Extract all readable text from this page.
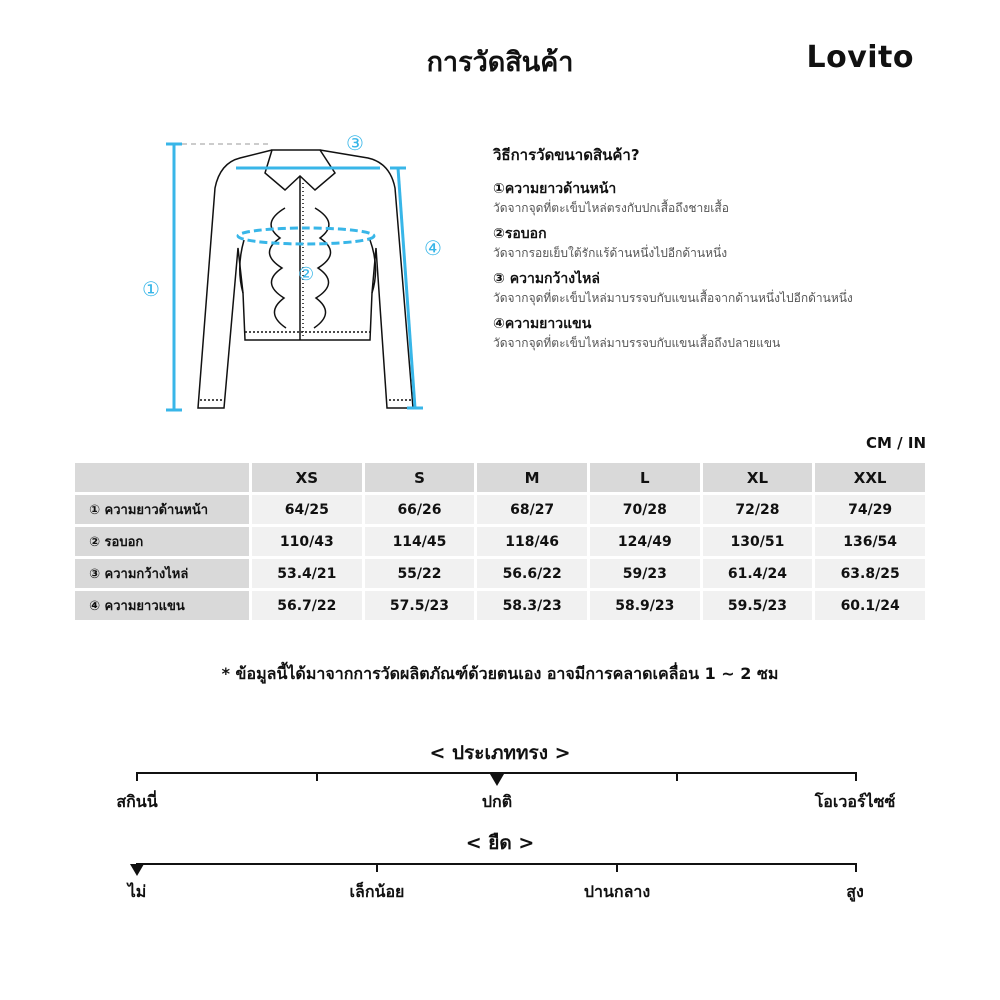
การวัดสินค้า	Lovito
①
②
③
④
วิธีการวัดขนาดสินค้า?

①ความยาวด้านหน้า

วัดจากจุดที่ตะเข็บไหล่ตรงกับปกเสื้อถึงชายเสื้อ

②รอบอก

วัดจากรอยเย็บใต้รักแร้ด้านหนึ่งไปอีกด้านหนึ่ง

③ ความกว้างไหล่

วัดจากจุดที่ตะเข็บไหล่มาบรรจบกับแขนเสื้อจากด้านหนึ่งไปอีกด้านหนึ่ง

④ความยาวแขน

วัดจากจุดที่ตะเข็บไหล่มาบรรจบกับแขนเสื้อถึงปลายแขน

CM / IN
	XS	S	M	L	XL	XXL
① ความยาวด้านหน้า	64/25	66/26	68/27	70/28	72/28	74/29
② รอบอก	110/43	114/45	118/46	124/49	130/51	136/54
③ ความกว้างไหล่	53.4/21	55/22	56.6/22	59/23	61.4/24	63.8/25
④ ความยาวแขน	56.7/22	57.5/23	58.3/23	58.9/23	59.5/23	60.1/24
* ข้อมูลนี้ได้มาจากการวัดผลิตภัณฑ์ด้วยตนเอง อาจมีการคลาดเคลื่อน 1 ~ 2 ซม
< ประเภททรง >
สกินนี่	ปกติ	โอเวอร์ไซซ์
< ยืด >
ไม่	เล็กน้อย	ปานกลาง	สูง
